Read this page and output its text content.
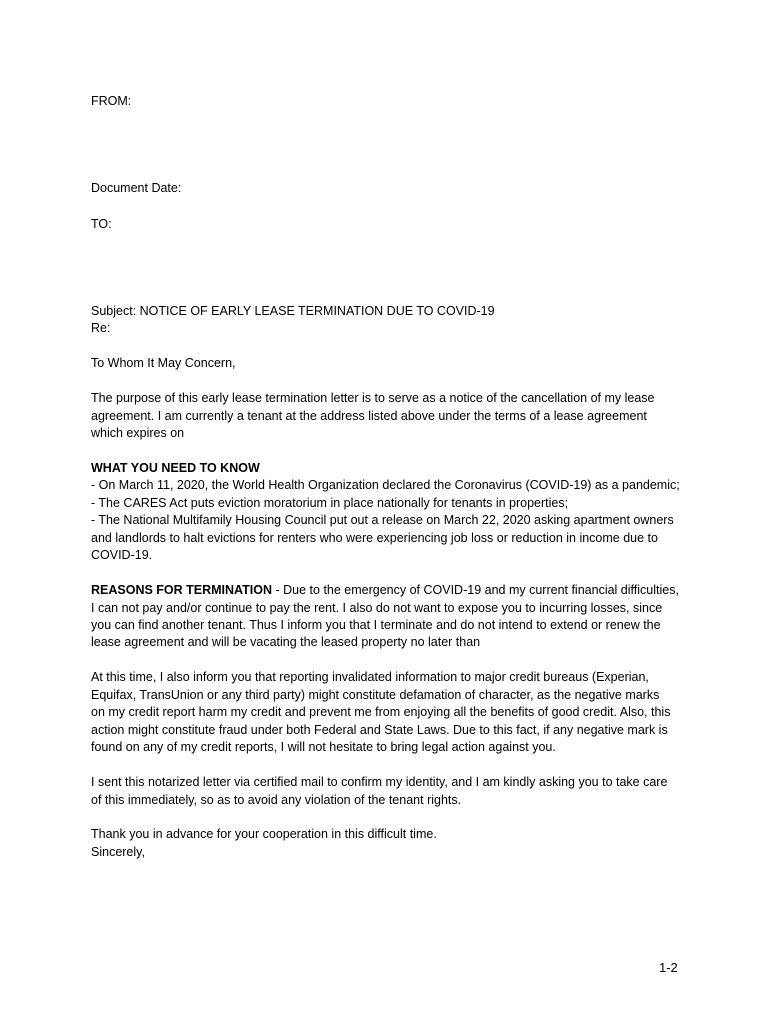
FROM:
Document Date:
TO:
Subject: NOTICE OF EARLY LEASE TERMINATION DUE TO COVID-19
Re:
To Whom It May Concern,
The purpose of this early lease termination letter is to serve as a notice of the cancellation of my lease
agreement. I am currently a tenant at the address listed above under the terms of a lease agreement
which expires on
WHAT YOU NEED TO KNOW
- On March 11, 2020, the World Health Organization declared the Coronavirus (COVID-19) as a pandemic;
- The CARES Act puts eviction moratorium in place nationally for tenants in properties;
- The National Multifamily Housing Council put out a release on March 22, 2020 asking apartment owners
and landlords to halt evictions for renters who were experiencing job loss or reduction in income due to
COVID-19.
REASONS FOR TERMINATION - Due to the emergency of COVID-19 and my current financial difficulties,
I can not pay and/or continue to pay the rent. I also do not want to expose you to incurring losses, since
you can find another tenant. Thus I inform you that I terminate and do not intend to extend or renew the
lease agreement and will be vacating the leased property no later than
At this time, I also inform you that reporting invalidated information to major credit bureaus (Experian,
Equifax, TransUnion or any third party) might constitute defamation of character, as the negative marks
on my credit report harm my credit and prevent me from enjoying all the benefits of good credit. Also, this
action might constitute fraud under both Federal and State Laws. Due to this fact, if any negative mark is
found on any of my credit reports, I will not hesitate to bring legal action against you.
I sent this notarized letter via certified mail to confirm my identity, and I am kindly asking you to take care
of this immediately, so as to avoid any violation of the tenant rights.
Thank you in advance for your cooperation in this difficult time.
Sincerely,
1-2
